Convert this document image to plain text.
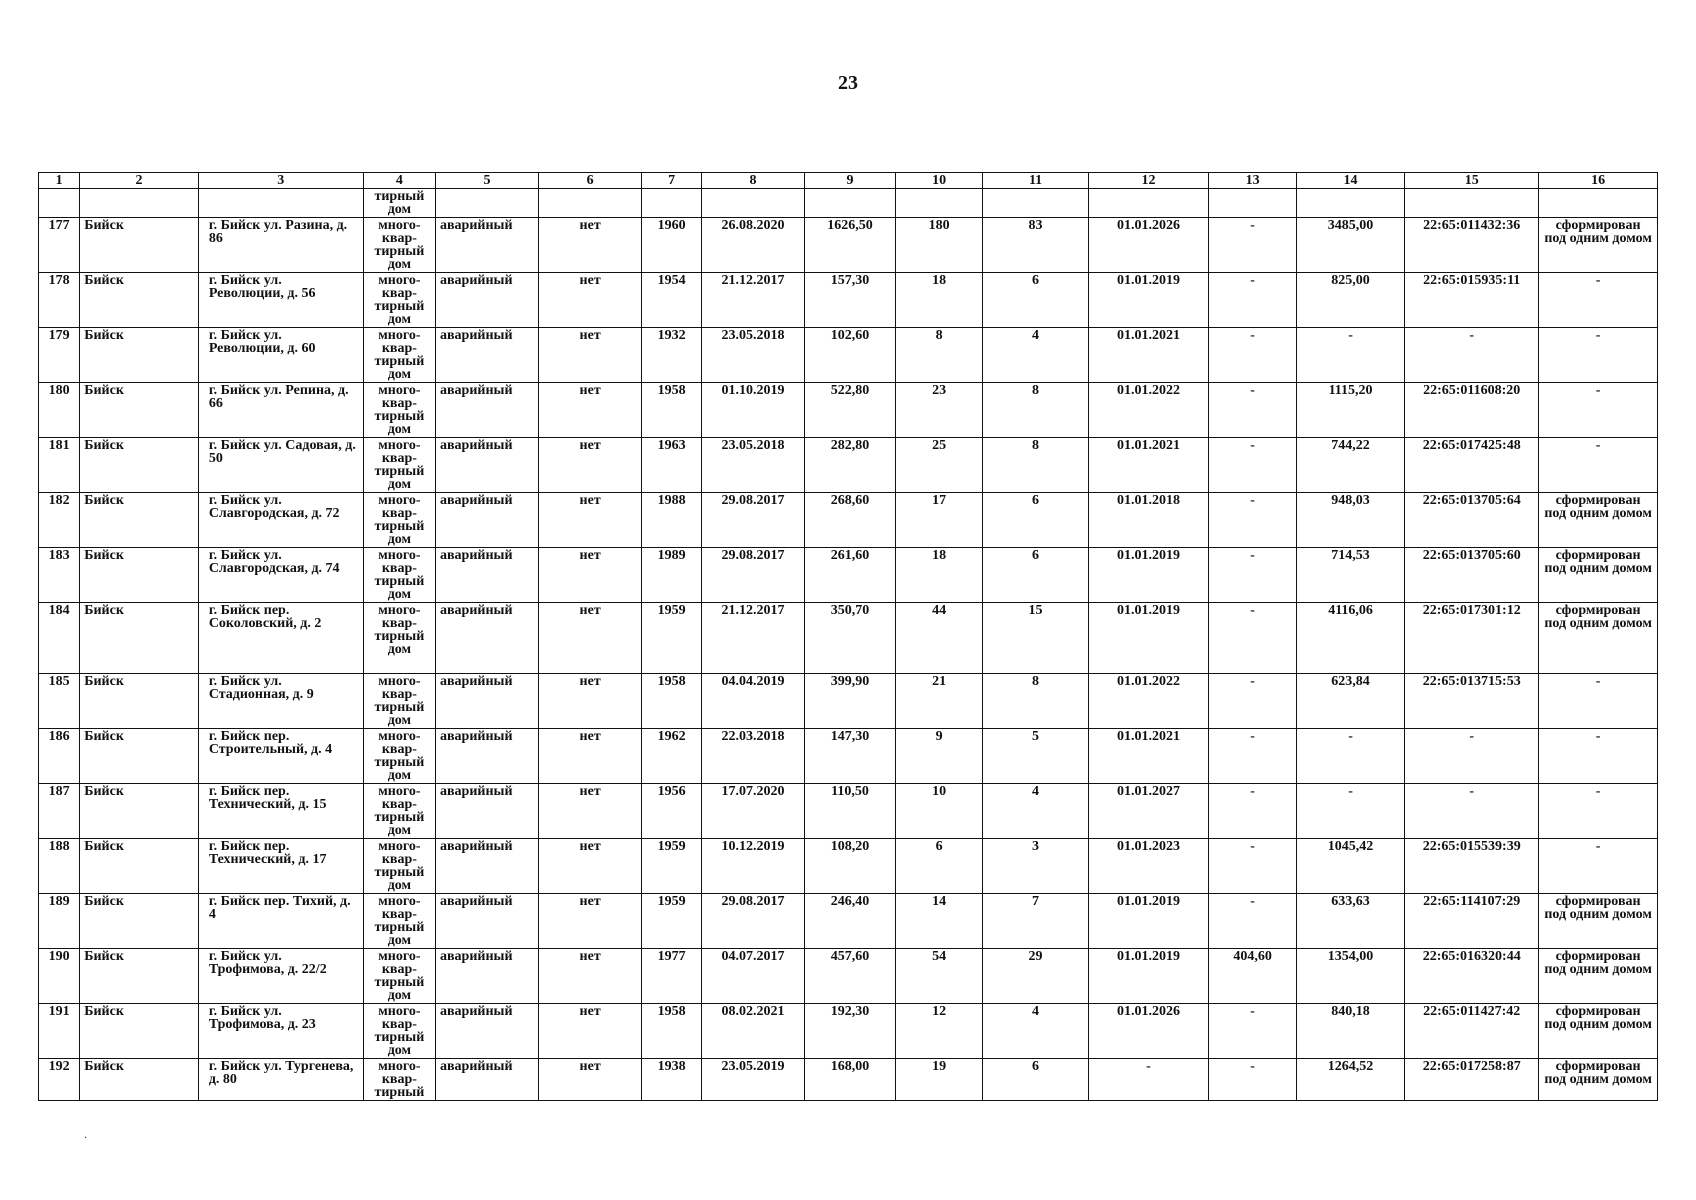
23
1	2	3	4	5	6	7	8	9	10	11	12	13	14	15	16

			тирный
дом												

177	Бийск	г. Бийск ул. Разина, д. 86	много-
квар-
тирный
дом	аварийный	нет	1960	26.08.2020	1626,50	180	83	01.01.2026	-	3485,00	22:65:011432:36	сформирован под одним домом
178	Бийск	г. Бийск ул. Революции, д. 56	много-
квар-
тирный
дом	аварийный	нет	1954	21.12.2017	157,30	18	6	01.01.2019	-	825,00	22:65:015935:11	-
179	Бийск	г. Бийск ул. Революции, д. 60	много-
квар-
тирный
дом	аварийный	нет	1932	23.05.2018	102,60	8	4	01.01.2021	-	-	-	-
180	Бийск	г. Бийск ул. Репина, д. 66	много-
квар-
тирный
дом	аварийный	нет	1958	01.10.2019	522,80	23	8	01.01.2022	-	1115,20	22:65:011608:20	-
181	Бийск	г. Бийск ул. Садовая, д. 50	много-
квар-
тирный
дом	аварийный	нет	1963	23.05.2018	282,80	25	8	01.01.2021	-	744,22	22:65:017425:48	-
182	Бийск	г. Бийск ул. Славгородская, д. 72	много-
квар-
тирный
дом	аварийный	нет	1988	29.08.2017	268,60	17	6	01.01.2018	-	948,03	22:65:013705:64	сформирован под одним домом
183	Бийск	г. Бийск ул. Славгородская, д. 74	много-
квар-
тирный
дом	аварийный	нет	1989	29.08.2017	261,60	18	6	01.01.2019	-	714,53	22:65:013705:60	сформирован под одним домом
184	Бийск	г. Бийск пер. Соколовский, д. 2	много-
квар-
тирный
дом	аварийный	нет	1959	21.12.2017	350,70	44	15	01.01.2019	-	4116,06	22:65:017301:12	сформирован под одним домом
185	Бийск	г. Бийск ул. Стадионная, д. 9	много-
квар-
тирный
дом	аварийный	нет	1958	04.04.2019	399,90	21	8	01.01.2022	-	623,84	22:65:013715:53	-
186	Бийск	г. Бийск пер. Строительный, д. 4	много-
квар-
тирный
дом	аварийный	нет	1962	22.03.2018	147,30	9	5	01.01.2021	-	-	-	-
187	Бийск	г. Бийск пер. Технический, д. 15	много-
квар-
тирный
дом	аварийный	нет	1956	17.07.2020	110,50	10	4	01.01.2027	-	-	-	-
188	Бийск	г. Бийск пер. Технический, д. 17	много-
квар-
тирный
дом	аварийный	нет	1959	10.12.2019	108,20	6	3	01.01.2023	-	1045,42	22:65:015539:39	-
189	Бийск	г. Бийск пер. Тихий, д. 4	много-
квар-
тирный
дом	аварийный	нет	1959	29.08.2017	246,40	14	7	01.01.2019	-	633,63	22:65:114107:29	сформирован под одним домом
190	Бийск	г. Бийск ул. Трофимова, д. 22/2	много-
квар-
тирный
дом	аварийный	нет	1977	04.07.2017	457,60	54	29	01.01.2019	404,60	1354,00	22:65:016320:44	сформирован под одним домом
191	Бийск	г. Бийск ул. Трофимова, д. 23	много-
квар-
тирный
дом	аварийный	нет	1958	08.02.2021	192,30	12	4	01.01.2026	-	840,18	22:65:011427:42	сформирован под одним домом
192	Бийск	г. Бийск ул. Тургенева, д. 80	много-
квар-
тирный	аварийный	нет	1938	23.05.2019	168,00	19	6	-	-	1264,52	22:65:017258:87	сформирован под одним домом
·
